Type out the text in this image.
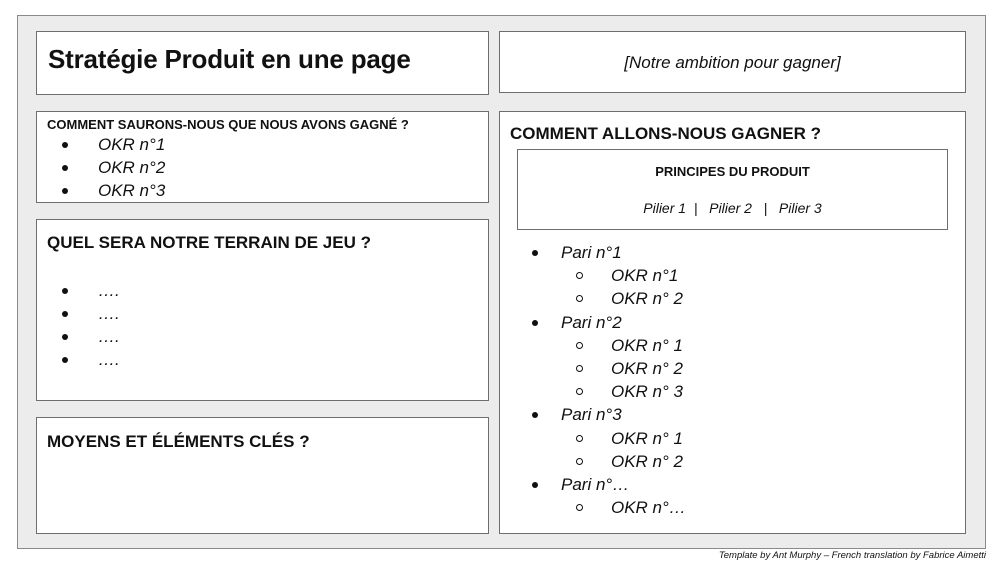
Stratégie Produit en une page	[Notre ambition pour gagner]
COMMENT SAURONS-NOUS QUE NOUS AVONS GAGNÉ ?
OKR n°1
OKR n°2
OKR n°3
QUEL SERA NOTRE TERRAIN DE JEU ?
….
….
….
….
MOYENS ET ÉLÉMENTS CLÉS ?
COMMENT ALLONS-NOUS GAGNER ?
PRINCIPES DU PRODUIT
Pilier 1  |   Pilier 2   |   Pilier 3
Pari n°1
OKR n°1
OKR n° 2
Pari n°2
OKR n° 1
OKR n° 2
OKR n° 3
Pari n°3
OKR n° 1
OKR n° 2
Pari n°…
OKR n°…
Template by Ant Murphy – French translation by Fabrice Aimetti
